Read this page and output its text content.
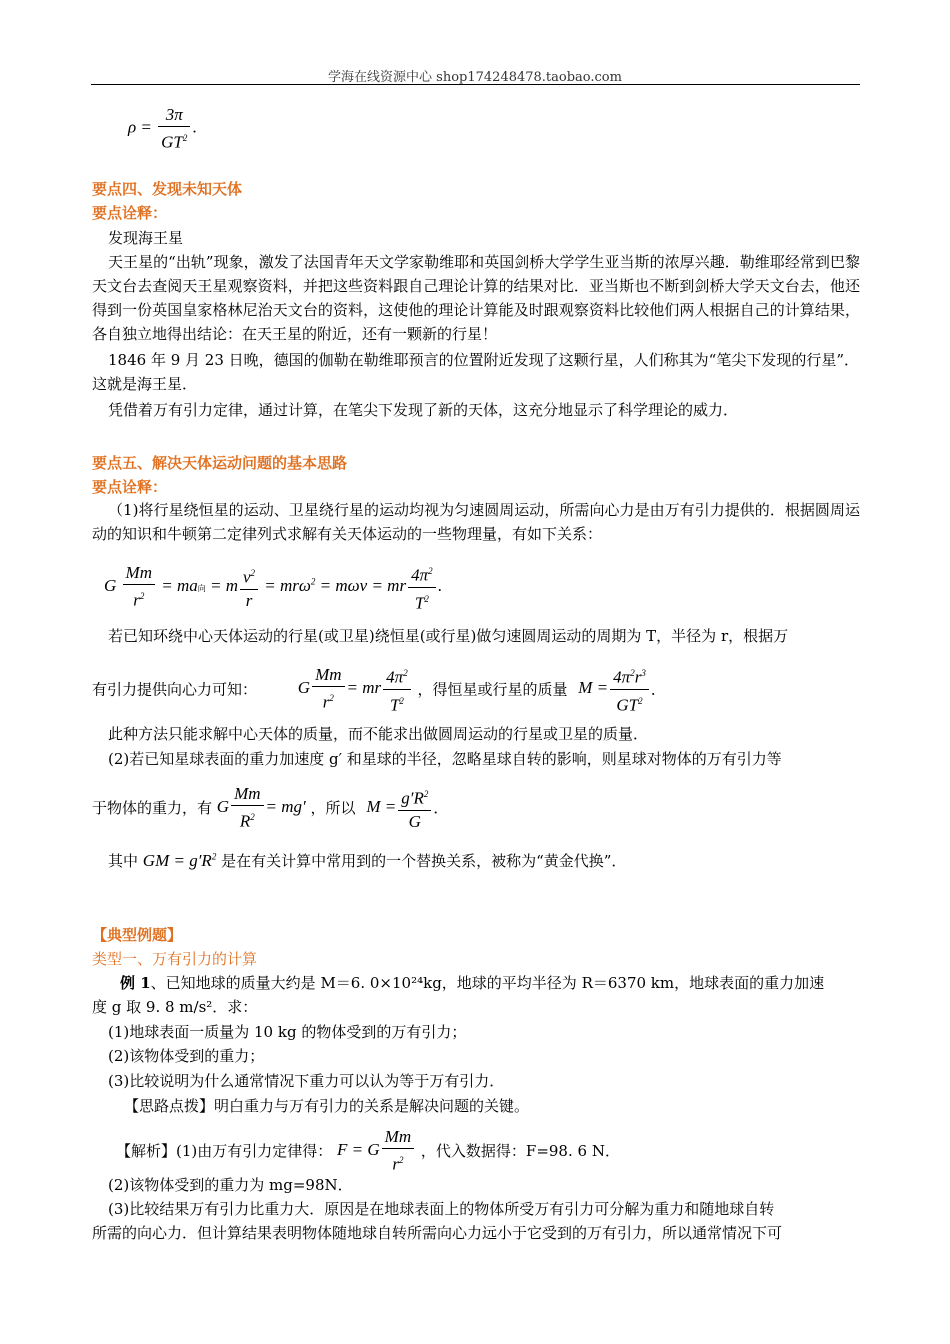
学海在线资源中心 shop174248478.taobao.com
$\rho = \frac{3\pi}{GT^2}$ .
要点四、发现未知天体
要点诠释：
发现海王星
天王星的“出轨”现象，激发了法国青年天文学家勒维耶和英国剑桥大学学生亚当斯的浓厚兴趣．勒维耶经常到巴黎天文台去查阅天王星观察资料，并把这些资料跟自己理论计算的结果对比．亚当斯也不断到剑桥大学天文台去，他还得到一份英国皇家格林尼治天文台的资料，这使他的理论计算能及时跟观察资料比较他们两人根据自己的计算结果，各自独立地得出结论：在天王星的附近，还有一颗新的行星！
1846 年 9 月 23 日晚，德国的伽勒在勒维耶预言的位置附近发现了这颗行星，人们称其为“笔尖下发现的行星”．这就是海王星．
凭借着万有引力定律，通过计算，在笔尖下发现了新的天体，这充分地显示了科学理论的威力．
要点五、解决天体运动问题的基本思路
要点诠释：
（1)将行星绕恒星的运动、卫星绕行星的运动均视为匀速圆周运动，所需向心力是由万有引力提供的．根据圆周运动的知识和牛顿第二定律列式求解有关天体运动的一些物理量，有如下关系：
G $\frac{Mm}{r^2}$ = ma向 = m $\frac{v^2}{r} = mr\omega^2 = m\omega v$ = mr $\frac{4\pi^2}{T^2}$ .
若已知环绕中心天体运动的行星(或卫星)绕恒星(或行星)做匀速圆周运动的周期为 T，半径为 r，根据万
有引力提供向心力可知： G $\frac{Mm}{r^2}$ = mr $\frac{4\pi^2}{T^2}$ ，得恒星或行星的质量 $M = \frac{4\pi^2r^3}{GT^2}$ ．
此种方法只能求解中心天体的质量，而不能求出做圆周运动的行星或卫星的质量．
(2)若已知星球表面的重力加速度 g′ 和星球的半径，忽略星球自转的影响，则星球对物体的万有引力等
于物体的重力，有 G $\frac{Mm}{R^2} = mg'$ ，所以 $M = \frac{g'R^2}{G}$ ．
其中 GM = $g'R^2$ 是在有关计算中常用到的一个替换关系，被称为“黄金代换”．
【典型例题】
类型一、万有引力的计算
例 1、已知地球的质量大约是 M＝6. 0×10²⁴kg，地球的平均半径为 R＝6370 km，地球表面的重力加速
度 g 取 9. 8 m/s²．求：
(1)地球表面一质量为 10 kg 的物体受到的万有引力；
(2)该物体受到的重力；
(3)比较说明为什么通常情况下重力可以认为等于万有引力．
【思路点拨】明白重力与万有引力的关系是解决问题的关键。
【解析】(1)由万有引力定律得： F = G $\frac{Mm}{r^2}$ ，代入数据得：F=98. 6 N．
(2)该物体受到的重力为 mg=98N．
(3)比较结果万有引力比重力大．原因是在地球表面上的物体所受万有引力可分解为重力和随地球自转
所需的向心力．但计算结果表明物体随地球自转所需向心力远小于它受到的万有引力，所以通常情况下可
